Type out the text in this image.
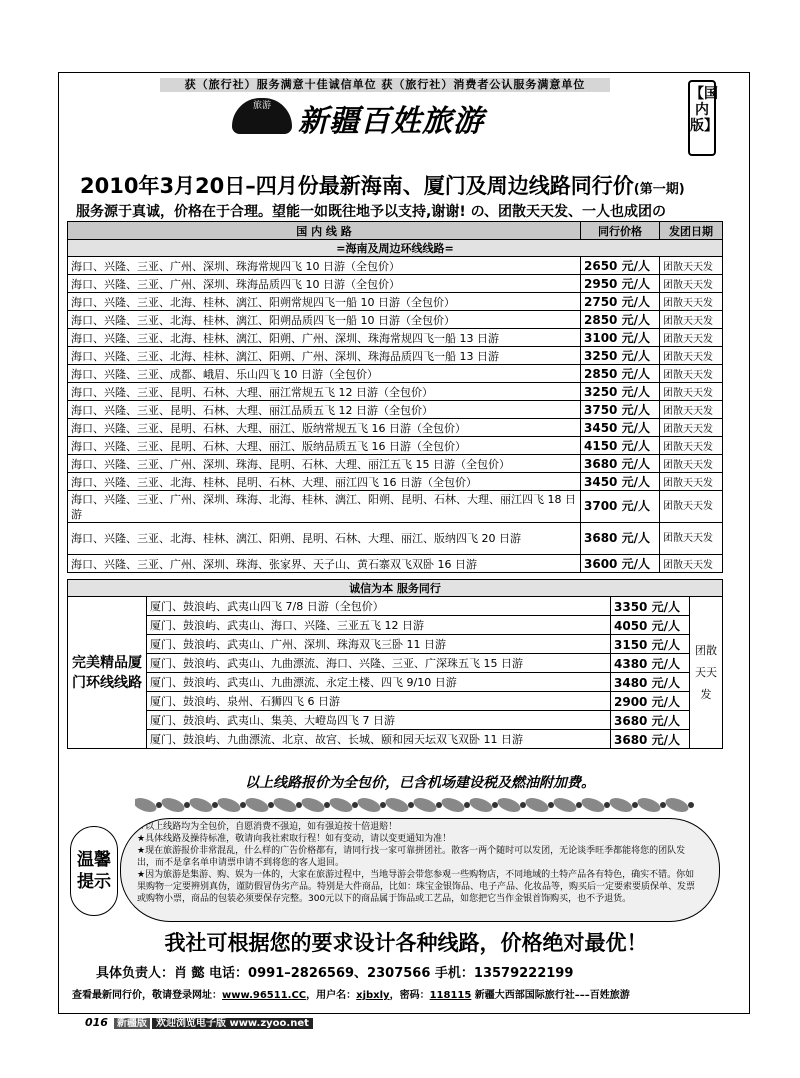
获（旅行社）服务满意十佳诚信单位 获（旅行社）消费者公认服务满意单位
旅游 新疆百姓旅游
【国内版】
2010年3月20日–四月份最新海南、厦门及周边线路同行价(第一期)
服务源于真诚，价格在于合理。望能一如既往地予以支持,谢谢! の、团散天天发、一人也成团の
国 内 线 路	同行价格	发团日期
=海南及周边环线线路=		
海口、兴隆、三亚、广州、深圳、珠海常规四飞 10 日游（全包价）	2650 元/人	团散天天发
海口、兴隆、三亚、广州、深圳、珠海品质四飞 10 日游（全包价）	2950 元/人	团散天天发
海口、兴隆、三亚、北海、桂林、漓江、阳朔常规四飞一船 10 日游（全包价）	2750 元/人	团散天天发
海口、兴隆、三亚、北海、桂林、漓江、阳朔品质四飞一船 10 日游（全包价）	2850 元/人	团散天天发
海口、兴隆、三亚、北海、桂林、漓江、阳朔、广州、深圳、珠海常规四飞一船 13 日游	3100 元/人	团散天天发
海口、兴隆、三亚、北海、桂林、漓江、阳朔、广州、深圳、珠海品质四飞一船 13 日游	3250 元/人	团散天天发
海口、兴隆、三亚、成都、峨眉、乐山四飞 10 日游（全包价）	2850 元/人	团散天天发
海口、兴隆、三亚、昆明、石林、大理、丽江常规五飞 12 日游（全包价）	3250 元/人	团散天天发
海口、兴隆、三亚、昆明、石林、大理、丽江品质五飞 12 日游（全包价）	3750 元/人	团散天天发
海口、兴隆、三亚、昆明、石林、大理、丽江、版纳常规五飞 16 日游（全包价）	3450 元/人	团散天天发
海口、兴隆、三亚、昆明、石林、大理、丽江、版纳品质五飞 16 日游（全包价）	4150 元/人	团散天天发
海口、兴隆、三亚、广州、深圳、珠海、昆明、石林、大理、丽江五飞 15 日游（全包价）	3680 元/人	团散天天发
海口、兴隆、三亚、北海、桂林、昆明、石林、大理、丽江四飞 16 日游（全包价）	3450 元/人	团散天天发
海口、兴隆、三亚、广州、深圳、珠海、北海、桂林、漓江、阳朔、昆明、石林、大理、丽江四飞 18 日游	3700 元/人	团散天天发
海口、兴隆、三亚、北海、桂林、漓江、阳朔、昆明、石林、大理、丽江、版纳四飞 20 日游	3680 元/人	团散天天发
海口、兴隆、三亚、广州、深圳、珠海、张家界、天子山、黄石寨双飞双卧 16 日游	3600 元/人	团散天天发
诚信为本 服务同行			
完美精品厦门环线线路	厦门、鼓浪屿、武夷山四飞 7/8 日游（全包价）	3350 元/人	团散天天发
	厦门、鼓浪屿、武夷山、海口、兴隆、三亚五飞 12 日游	4050 元/人	
	厦门、鼓浪屿、武夷山、广州、深圳、珠海双飞三卧 11 日游	3150 元/人	
	厦门、鼓浪屿、武夷山、九曲漂流、海口、兴隆、三亚、广深珠五飞 15 日游	4380 元/人	
	厦门、鼓浪屿、武夷山、九曲漂流、永定土楼、四飞 9/10 日游	3480 元/人	
	厦门、鼓浪屿、泉州、石狮四飞 6 日游	2900 元/人	
	厦门、鼓浪屿、武夷山、集美、大嶝岛四飞 7 日游	3680 元/人	
	厦门、鼓浪屿、九曲漂流、北京、故宫、长城、颐和园天坛双飞双卧 11 日游	3680 元/人	
以上线路报价为全包价，已含机场建设税及燃油附加费。
温馨提示
★以上线路均为全包价，自愿消费不强迫，如有强迫按十倍退赔！
★具体线路及操待标准，敬请向我社索取行程！如有变动，请以变更通知为准！
★现在旅游报价非常混乱，什么样的广告价格都有，请同行找一家可靠拼团社。散客一两个随时可以发团，无论谈季旺季都能将您的团队发出，而不是拿名单申请票申请不到将您的客人退回。
★因为旅游是集游、购、娱为一体的，大家在旅游过程中，当地导游会带您参观一些购物店，不同地域的土特产品各有特色，确实不错。你如果购物一定要辨别真伪，谨防假冒伪劣产品。特别是大件商品，比如：珠宝金银饰品、电子产品、化妆品等，购买后一定要索要质保单、发票或购物小票，商品的包装必须要保存完整。300元以下的商品属于饰品或工艺品，如您把它当作金银首饰购买，也不予退货。
我社可根据您的要求设计各种线路，价格绝对最优！
具体负责人：肖 懿 电话：0991–2826569、2307566 手机：13579222199
查看最新同行价，敬请登录网址：www.96511.CC，用户名：xjbxly，密码：118115 新疆大西部国际旅行社–––百姓旅游
016 新疆版 欢迎浏览电子版 www.zyoo.net
